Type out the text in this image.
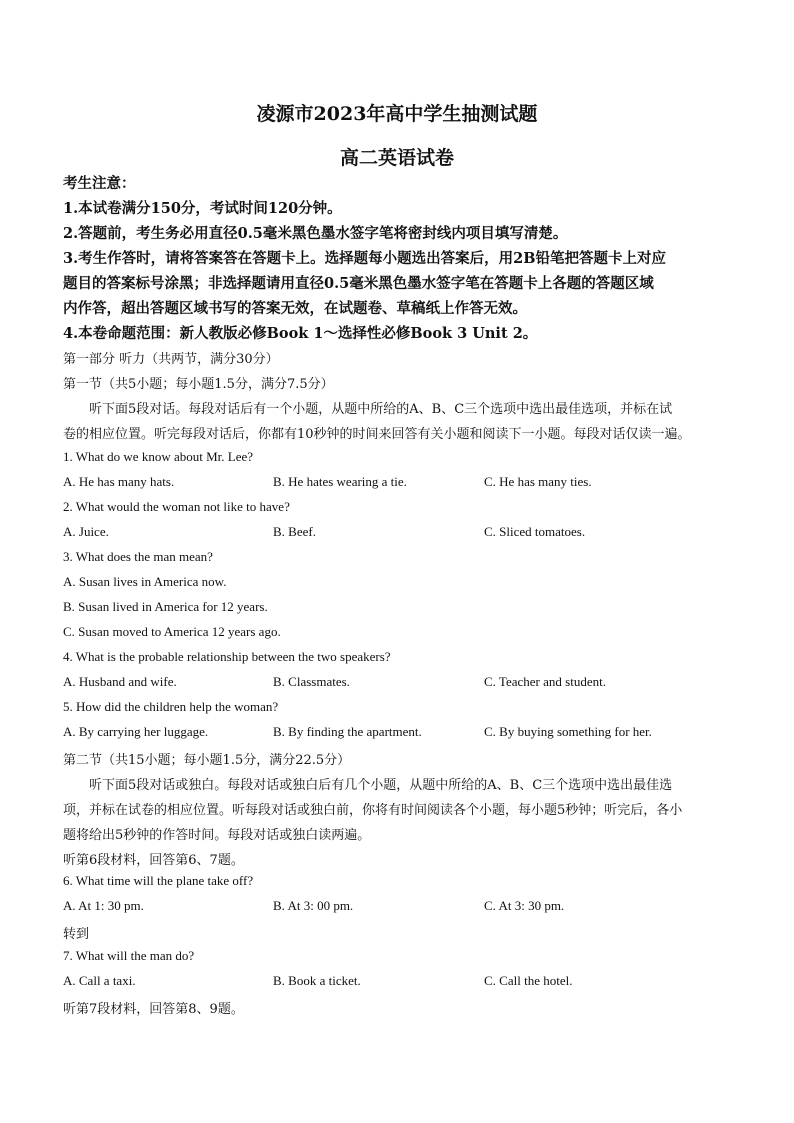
凌源市2023年高中学生抽测试题
高二英语试卷
考生注意：
1.本试卷满分150分，考试时间120分钟。
2.答题前，考生务必用直径0.5毫米黑色墨水签字笔将密封线内项目填写清楚。
3.考生作答时，请将答案答在答题卡上。选择题每小题选出答案后，用2B铅笔把答题卡上对应
题目的答案标号涂黑；非选择题请用直径0.5毫米黑色墨水签字笔在答题卡上各题的答题区域
内作答，超出答题区域书写的答案无效，在试题卷、草稿纸上作答无效。
4.本卷命题范围：新人教版必修Book 1～选择性必修Book 3 Unit 2。
第一部分 听力（共两节，满分30分）
第一节（共5小题；每小题1.5分，满分7.5分）
听下面5段对话。每段对话后有一个小题，从题中所给的A、B、C三个选项中选出最佳选项，并标在试
卷的相应位置。听完每段对话后，你都有10秒钟的时间来回答有关小题和阅读下一小题。每段对话仅读一遍。
1. What do we know about Mr. Lee?
A. He has many hats.	B. He hates wearing a tie.	C. He has many ties.
2. What would the woman not like to have?
A. Juice.	B. Beef.	C. Sliced tomatoes.
3. What does the man mean?
A. Susan lives in America now.
B. Susan lived in America for 12 years.
C. Susan moved to America 12 years ago.
4. What is the probable relationship between the two speakers?
A. Husband and wife.	B. Classmates.	C. Teacher and student.
5. How did the children help the woman?
A. By carrying her luggage.	B. By finding the apartment.	C. By buying something for her.
第二节（共15小题；每小题1.5分，满分22.5分）
听下面5段对话或独白。每段对话或独白后有几个小题，从题中所给的A、B、C三个选项中选出最佳选
项，并标在试卷的相应位置。听每段对话或独白前，你将有时间阅读各个小题，每小题5秒钟；听完后，各小
题将给出5秒钟的作答时间。每段对话或独白读两遍。
听第6段材料，回答第6、7题。
6. What time will the plane take off?
A. At 1: 30 pm.	B. At 3: 00 pm.	C. At 3: 30 pm.
转到
7. What will the man do?
A. Call a taxi.	B. Book a ticket.	C. Call the hotel.
听第7段材料，回答第8、9题。
